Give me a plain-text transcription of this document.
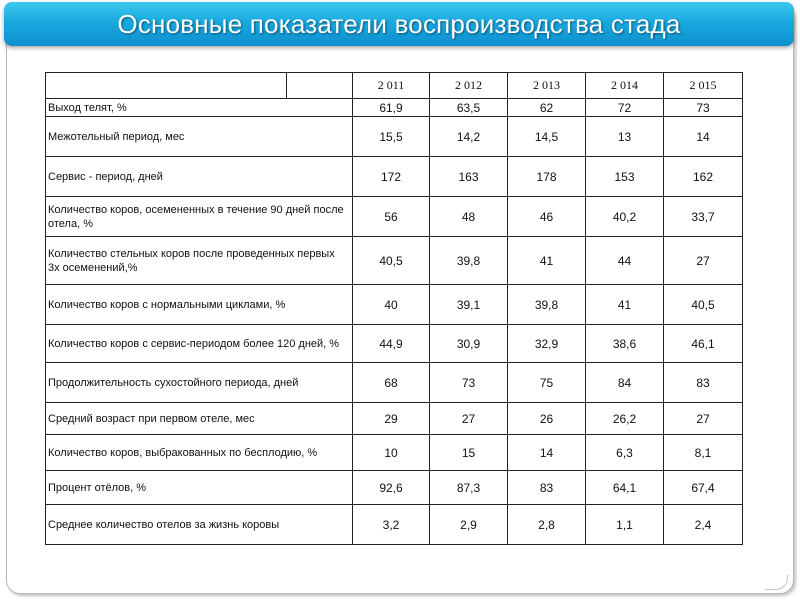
Основные показатели воспроизводства стада
		2 011	2 012	2 013	2 014	2 015
Выход телят, %		61,9	63,5	62	72	73
Межотельный период, мес		15,5	14,2	14,5	13	14
Сервис - период, дней		172	163	178	153	162
Количество коров, осемененных в течение 90 дней после отела, %		56	48	46	40,2	33,7
Количество стельных коров после проведенных первых 3х осеменений,%		40,5	39,8	41	44	27
Количество коров с нормальными циклами, %		40	39,1	39,8	41	40,5
Количество коров с сервис-периодом более 120 дней, %		44,9	30,9	32,9	38,6	46,1
Продолжительность сухостойного периода, дней		68	73	75	84	83
Средний возраст при первом отеле, мес		29	27	26	26,2	27
Количество коров, выбракованных по бесплодию, %		10	15	14	6,3	8,1
Процент отёлов, %		92,6	87,3	83	64,1	67,4
Среднее количество отелов за жизнь коровы		3,2	2,9	2,8	1,1	2,4
